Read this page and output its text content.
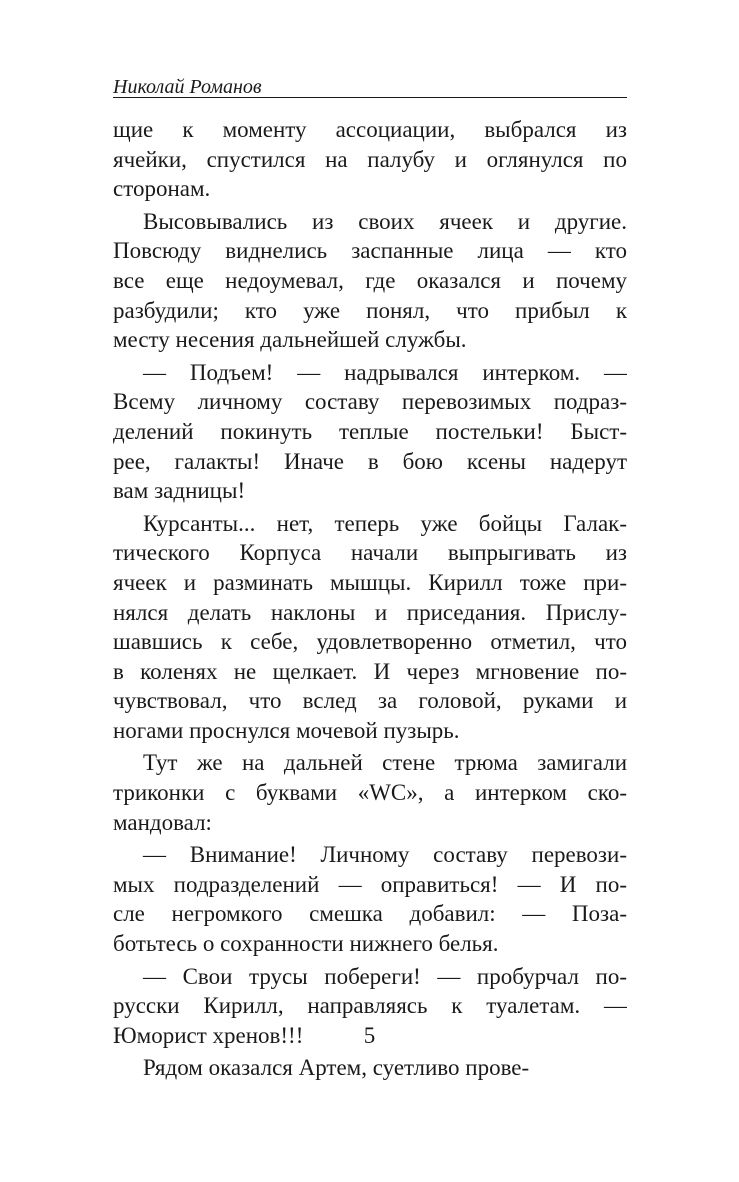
Николай Романов
щие к моменту ассоциации, выбрался из
ячейки, спустился на палубу и оглянулся по
сторонам.
Высовывались из своих ячеек и другие.
Повсюду виднелись заспанные лица — кто
все еще недоумевал, где оказался и почему
разбудили; кто уже понял, что прибыл к
месту несения дальнейшей службы.
— Подъем! — надрывался интерком. —
Всему личному составу перевозимых подраз-
делений покинуть теплые постельки! Быст-
рее, галакты! Иначе в бою ксены надерут
вам задницы!
Курсанты... нет, теперь уже бойцы Галак-
тического Корпуса начали выпрыгивать из
ячеек и разминать мышцы. Кирилл тоже при-
нялся делать наклоны и приседания. Прислу-
шавшись к себе, удовлетворенно отметил, что
в коленях не щелкает. И через мгновение по-
чувствовал, что вслед за головой, руками и
ногами проснулся мочевой пузырь.
Тут же на дальней стене трюма замигали
триконки с буквами «WC», а интерком ско-
мандовал:
— Внимание! Личному составу перевози-
мых подразделений — оправиться! — И по-
сле негромкого смешка добавил: — Поза-
ботьтесь о сохранности нижнего белья.
— Свои трусы побереги! — пробурчал по-
русски Кирилл, направляясь к туалетам. —
Юморист хренов!!!
Рядом оказался Артем, суетливо прове-
5
